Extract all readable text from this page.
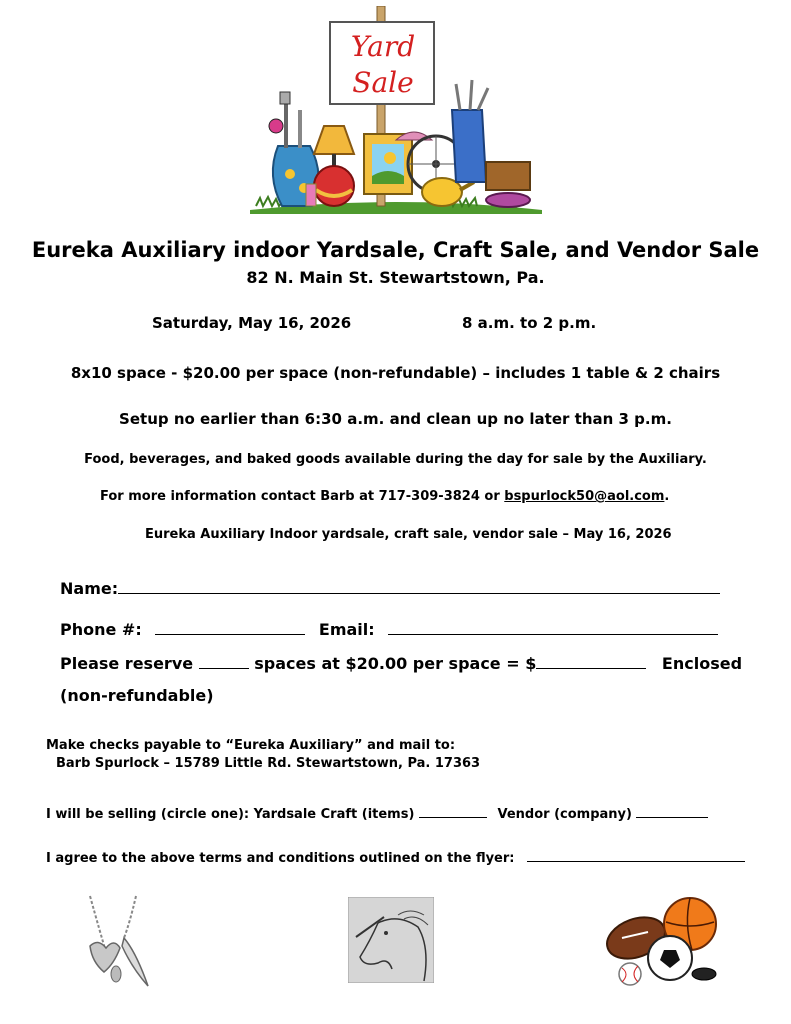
Yard
Sale
Eureka Auxiliary indoor Yardsale, Craft Sale, and Vendor Sale
82 N. Main St. Stewartstown, Pa.
Saturday, May 16, 2026	8 a.m. to 2 p.m.
8x10 space - $20.00 per space (non-refundable) – includes 1 table & 2 chairs
Setup no earlier than 6:30 a.m. and clean up no later than 3 p.m.
Food, beverages, and baked goods available during the day for sale by the Auxiliary.
For more information contact Barb at 717-309-3824 or bspurlock50@aol.com.
Eureka Auxiliary Indoor yardsale, craft sale, vendor sale – May 16, 2026
Name:
Phone #:	Email:
Please reserve	spaces at $20.00 per space = $	Enclosed
(non-refundable)
Make checks payable to “Eureka Auxiliary” and mail to:
Barb Spurlock – 15789 Little Rd. Stewartstown, Pa. 17363
I will be selling (circle one): Yardsale Craft (items)	Vendor (company)
I agree to the above terms and conditions outlined on the flyer:
